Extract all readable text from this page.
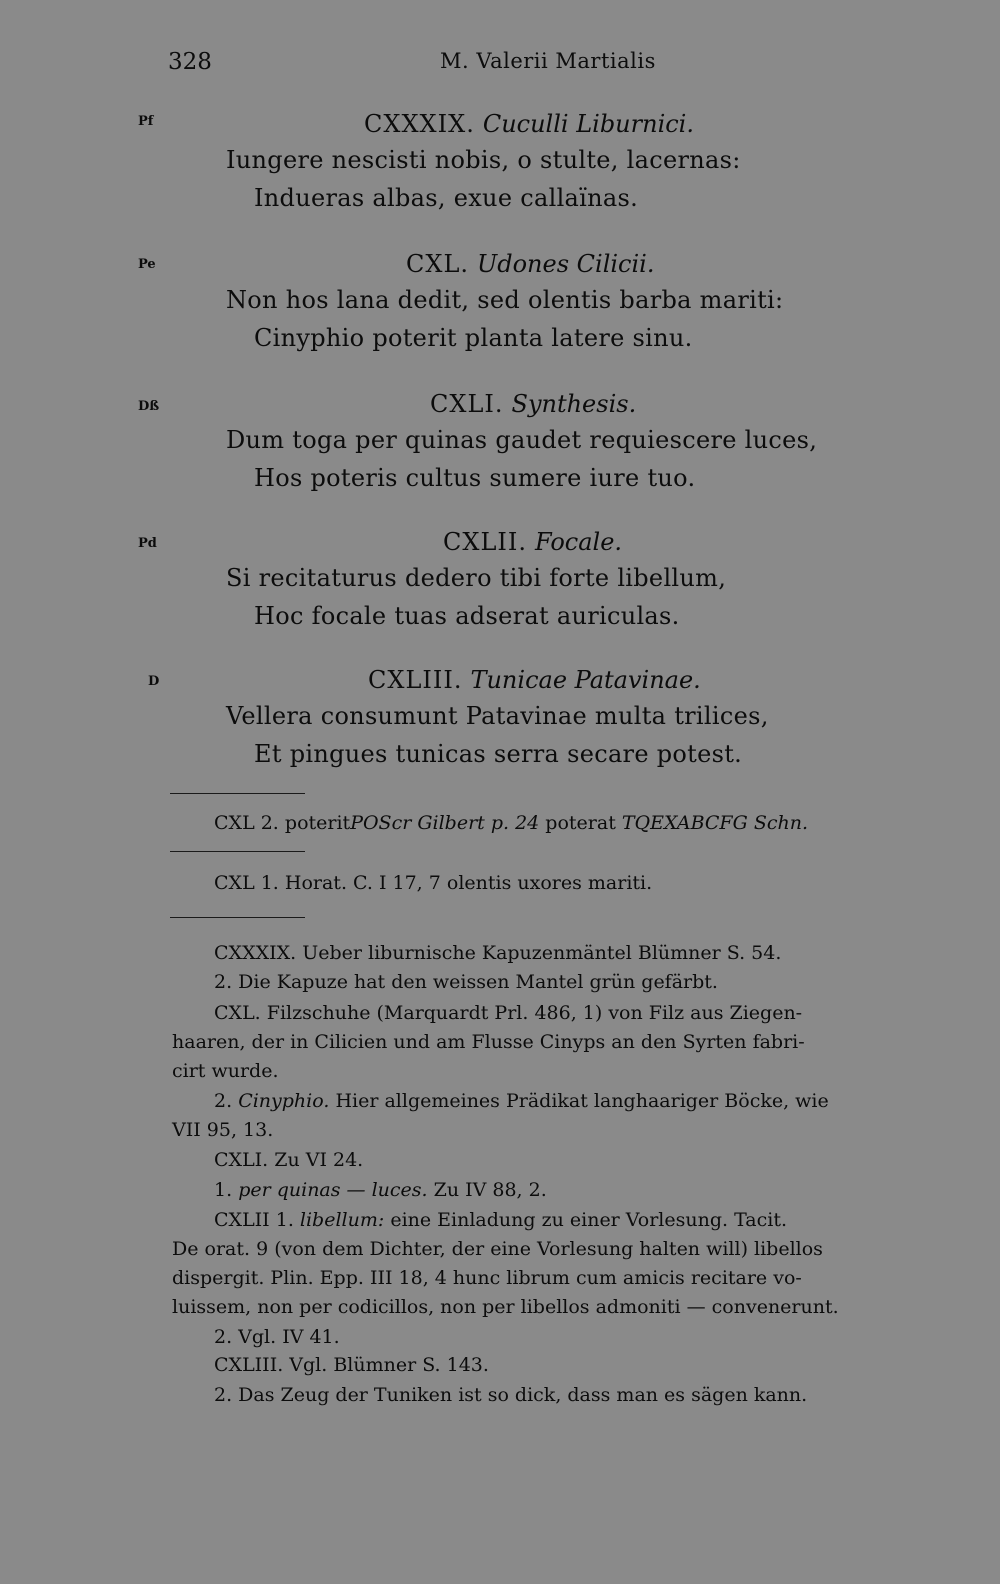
328	M. Valerii Martialis
Pf	CXXXIX. Cuculli Liburnici.
Iungere nescisti nobis, o stulte, lacernas:
Indueras albas, exue callaïnas.
Pe	CXL. Udones Cilicii.
Non hos lana dedit, sed olentis barba mariti:
Cinyphio poterit planta latere sinu.
Dß	CXLI. Synthesis.
Dum toga per quinas gaudet requiescere luces,
Hos poteris cultus sumere iure tuo.
Pd	CXLII. Focale.
Si recitaturus dedero tibi forte libellum,
Hoc focale tuas adserat auriculas.
D	CXLIII. Tunicae Patavinae.
Vellera consumunt Patavinae multa trilices,
Et pingues tunicas serra secare potest.
CXL 2. poteritPOScr Gilbert p. 24 poterat TQEXABCFG Schn.
CXL 1. Horat. C. I 17, 7 olentis uxores mariti.
CXXXIX. Ueber liburnische Kapuzenmäntel Blümner S. 54.
2. Die Kapuze hat den weissen Mantel grün gefärbt.
CXL. Filzschuhe (Marquardt Prl. 486, 1) von Filz aus Ziegen-
haaren, der in Cilicien und am Flusse Cinyps an den Syrten fabri-
cirt wurde.
2. Cinyphio. Hier allgemeines Prädikat langhaariger Böcke, wie
VII 95, 13.
CXLI. Zu VI 24.
1. per quinas — luces. Zu IV 88, 2.
CXLII 1. libellum: eine Einladung zu einer Vorlesung. Tacit.
De orat. 9 (von dem Dichter, der eine Vorlesung halten will) libellos
dispergit. Plin. Epp. III 18, 4 hunc librum cum amicis recitare vo-
luissem, non per codicillos, non per libellos admoniti — convenerunt.
2. Vgl. IV 41.
CXLIII. Vgl. Blümner S. 143.
2. Das Zeug der Tuniken ist so dick, dass man es sägen kann.
